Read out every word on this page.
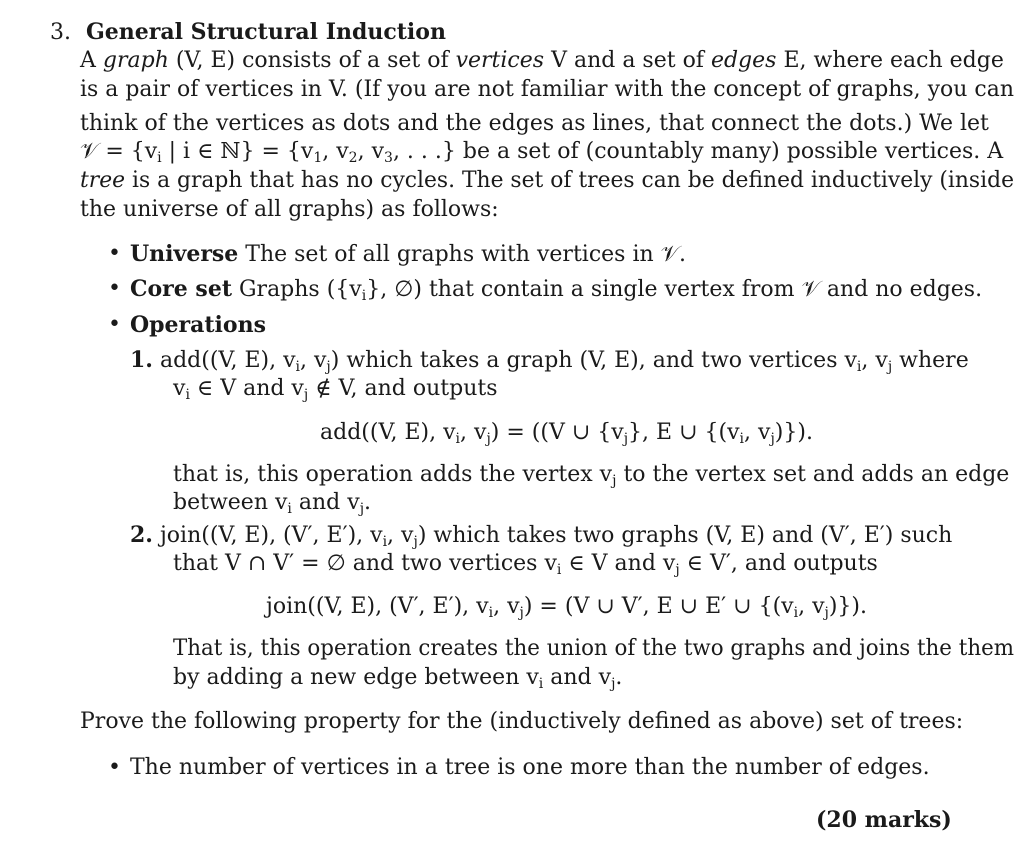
3. General Structural Induction
A graph (V, E) consists of a set of vertices V and a set of edges E, where each edge
is a pair of vertices in V. (If you are not familiar with the concept of graphs, you can
think of the vertices as dots and the edges as lines, that connect the dots.) We let
𝒱 = {$v_i$ | i ∈ ℕ} = {$v_1$, $v_2$, $v_3$, . . .} be a set of (countably many) possible vertices. A
tree is a graph that has no cycles. The set of trees can be defined inductively (inside
the universe of all graphs) as follows:
• Universe The set of all graphs with vertices in 𝒱.
• Core set Graphs ($\{v_i\}$, ∅) that contain a single vertex from 𝒱 and no edges.
• Operations
1. add((V, E), $v_i$, $v_j$) which takes a graph (V, E), and two vertices $v_i$, $v_j$ where
$v_i$ ∈ V and $v_j$ ∉ V, and outputs
add((V, E), $v_i$, $v_j) = ((V$ ∪ $\{v_j\}$, E ∪ {($v_i$, $v_j$)}).
that is, this operation adds the vertex $v_j$ to the vertex set and adds an edge
between $v_i$ and $v_j$.
2. join((V, E), (V′, E′), $v_i$, $v_j$) which takes two graphs (V, E) and (V′, E′) such
that V ∩ V′ = ∅ and two vertices $v_i$ ∈ V and $v_j$ ∈ V′, and outputs
join((V, E), (V′, E′), $v_i$, $v_j) = (V$ ∪ V′, E ∪ E′ ∪ {($v_i$, $v_j$)}).
That is, this operation creates the union of the two graphs and joins the them
by adding a new edge between $v_i$ and $v_j$.
Prove the following property for the (inductively defined as above) set of trees:
• The number of vertices in a tree is one more than the number of edges.
(20 marks)
